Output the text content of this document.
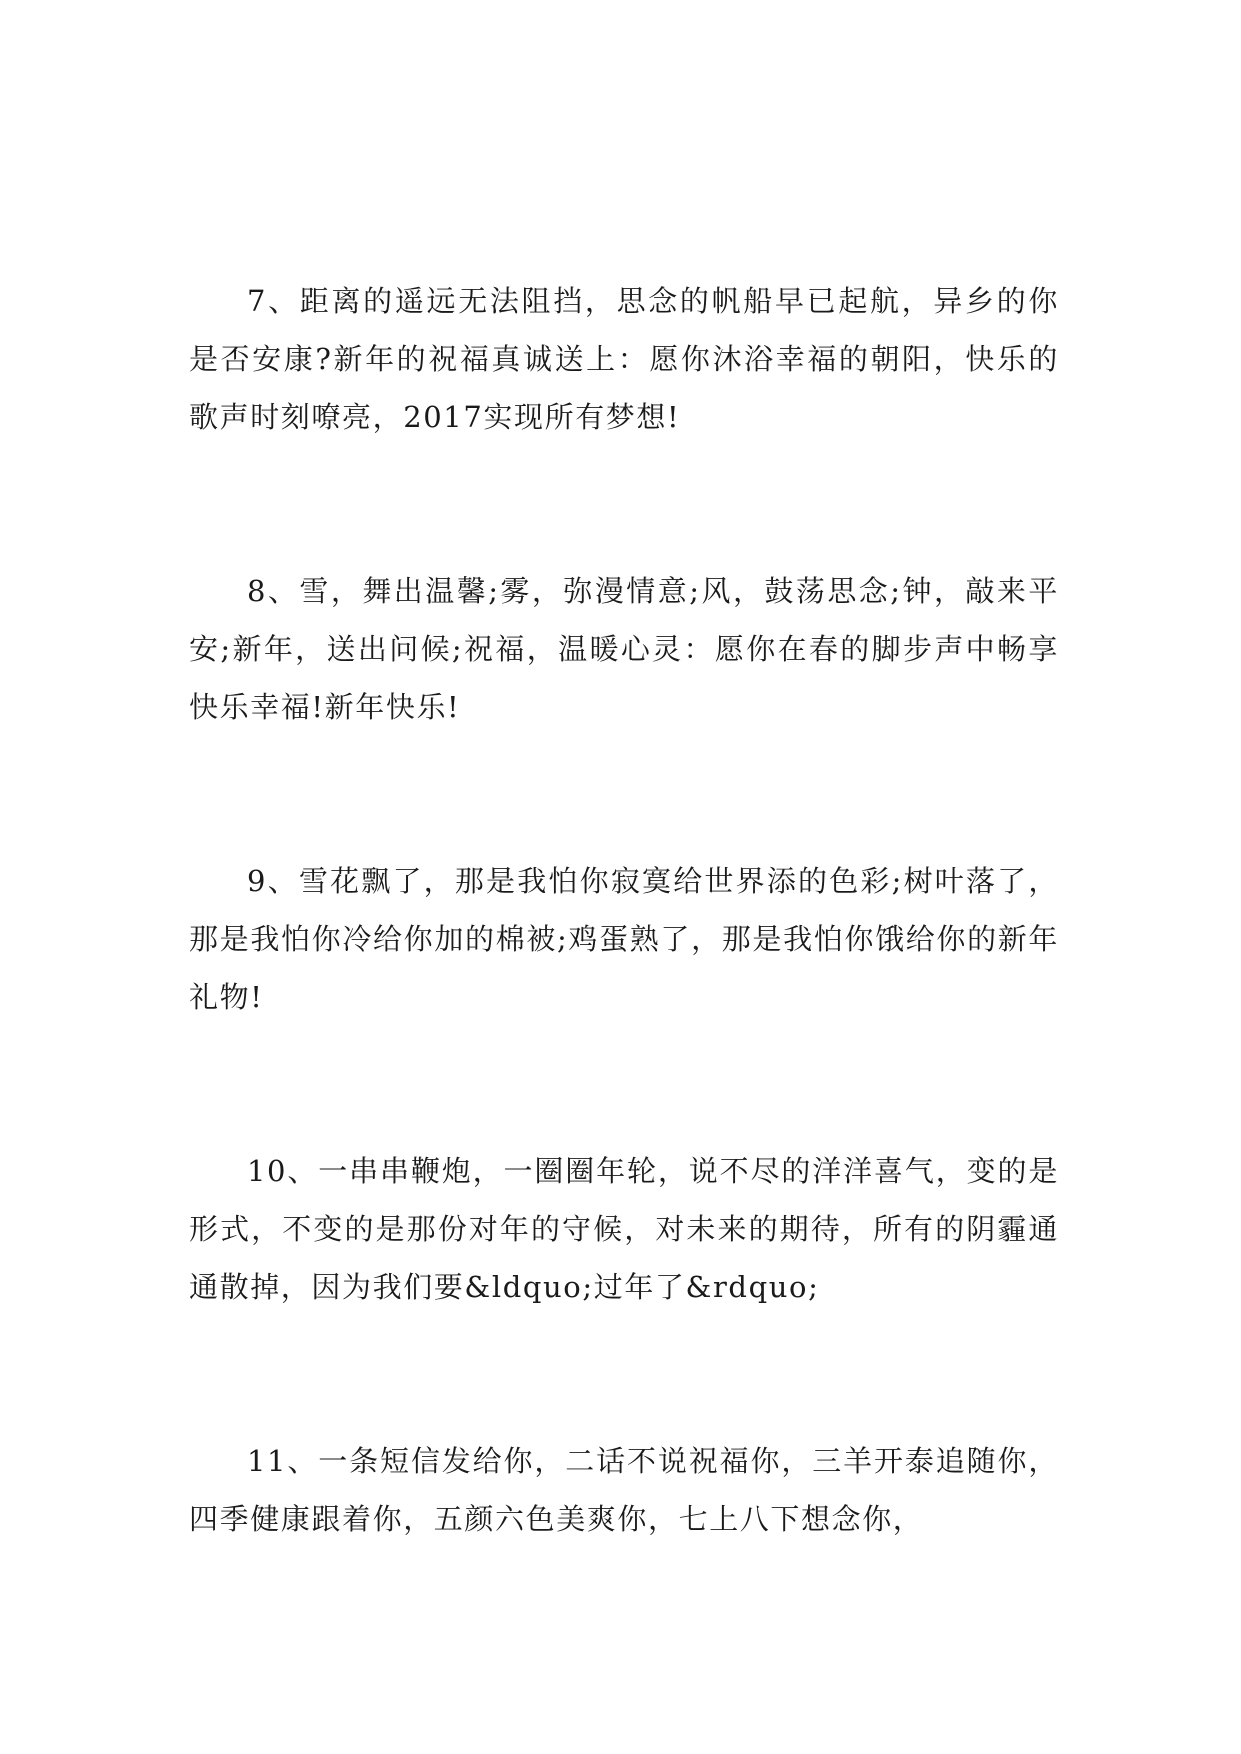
7、距离的遥远无法阻挡，思念的帆船早已起航，异乡的你是否安康?新年的祝福真诚送上：愿你沐浴幸福的朝阳，快乐的歌声时刻嘹亮，2017实现所有梦想!

8、雪，舞出温馨;雾，弥漫情意;风，鼓荡思念;钟，敲来平安;新年，送出问候;祝福，温暖心灵：愿你在春的脚步声中畅享快乐幸福!新年快乐!

9、雪花飘了，那是我怕你寂寞给世界添的色彩;树叶落了，那是我怕你冷给你加的棉被;鸡蛋熟了，那是我怕你饿给你的新年礼物!

10、一串串鞭炮，一圈圈年轮，说不尽的洋洋喜气，变的是形式，不变的是那份对年的守候，对未来的期待，所有的阴霾通通散掉，因为我们要&ldquo;过年了&rdquo;

11、一条短信发给你，二话不说祝福你，三羊开泰追随你，四季健康跟着你，五颜六色美爽你，七上八下想念你，
